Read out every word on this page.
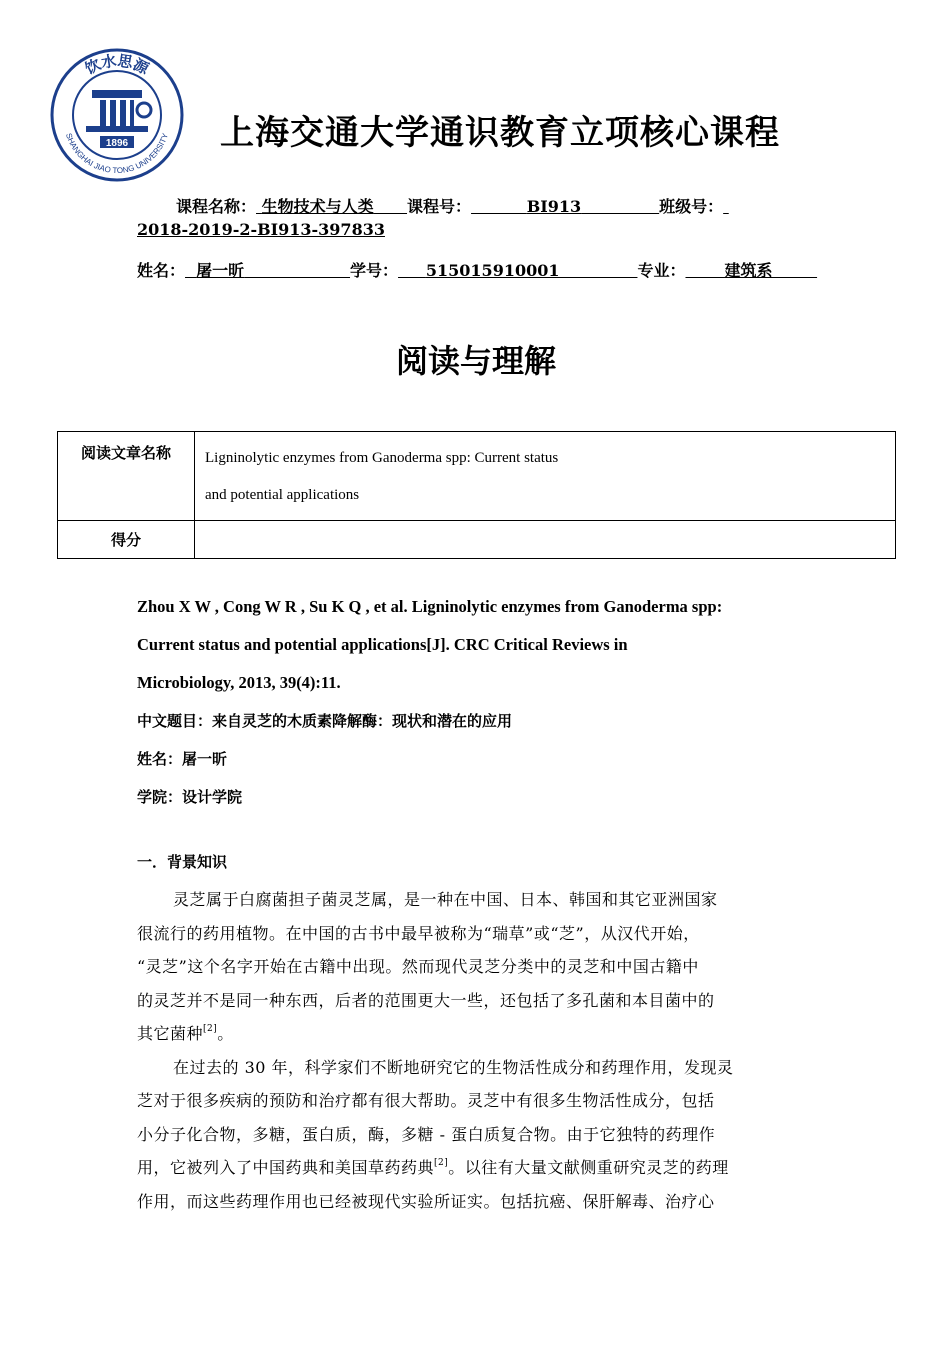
饮水思源
SHANGHAI JIAO TONG UNIVERSITY
1896	上海交通大学通识教育立项核心课程
课程名称： 生物技术与人类 课程号：	BI913	班级号：
2018-2019-2-BI913-397833
姓名： 屠一昕	学号： 515015910001	专业： 建筑系
阅读与理解
阅读文章名称	Ligninolytic enzymes from Ganoderma spp: Current status
and potential applications

得分	
Zhou X W , Cong W R , Su K Q , et al. Ligninolytic enzymes from Ganoderma spp:
Current status and potential applications[J]. CRC Critical Reviews in
Microbiology, 2013, 39(4):11.
中文题目：来自灵芝的木质素降解酶：现状和潜在的应用
姓名：屠一昕
学院：设计学院
一．背景知识
灵芝属于白腐菌担子菌灵芝属，是一种在中国、日本、韩国和其它亚洲国家
很流行的药用植物。在中国的古书中最早被称为“瑞草”或“芝”，从汉代开始，
“灵芝”这个名字开始在古籍中出现。然而现代灵芝分类中的灵芝和中国古籍中
的灵芝并不是同一种东西，后者的范围更大一些，还包括了多孔菌和本目菌中的
其它菌种[2]。
在过去的 30 年，科学家们不断地研究它的生物活性成分和药理作用，发现灵
芝对于很多疾病的预防和治疗都有很大帮助。灵芝中有很多生物活性成分，包括
小分子化合物，多糖，蛋白质，酶，多糖 - 蛋白质复合物。由于它独特的药理作
用，它被列入了中国药典和美国草药药典[2]。以往有大量文献侧重研究灵芝的药理
作用，而这些药理作用也已经被现代实验所证实。包括抗癌、保肝解毒、治疗心
